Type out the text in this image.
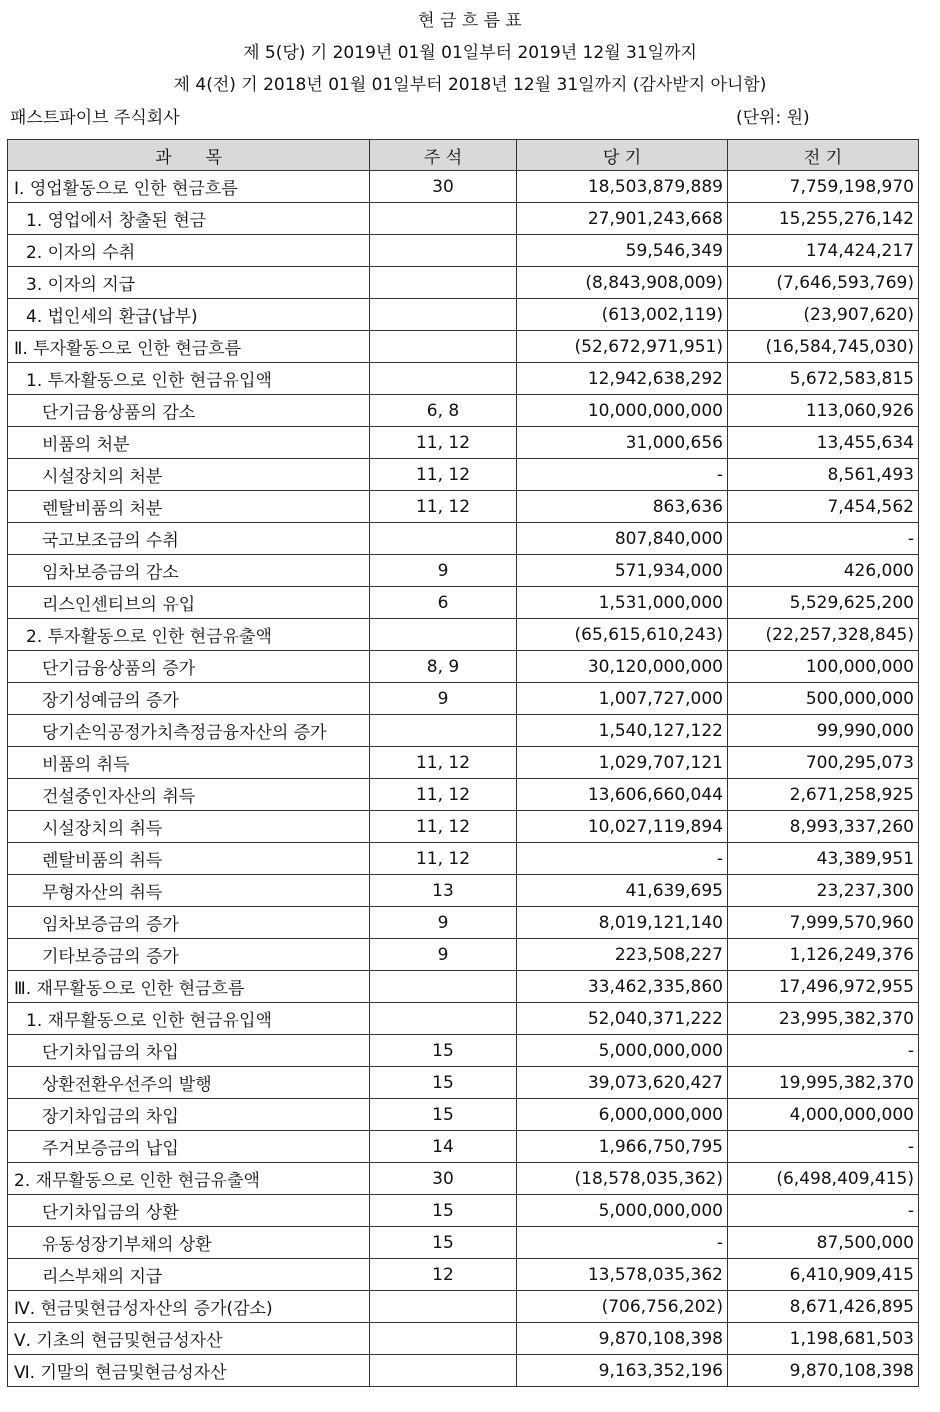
현 금 흐 름 표
제 5(당) 기 2019년 01월 01일부터 2019년 12월 31일까지
제 4(전) 기 2018년 01월 01일부터 2018년 12월 31일까지 (감사받지 아니함)
패스트파이브 주식회사	(단위: 원)
과　　목	주 석	당 기	전 기
Ⅰ. 영업활동으로 인한 현금흐름	30	18,503,879,889	7,759,198,970
1. 영업에서 창출된 현금		27,901,243,668	15,255,276,142
2. 이자의 수취		59,546,349	174,424,217
3. 이자의 지급		(8,843,908,009)	(7,646,593,769)
4. 법인세의 환급(납부)		(613,002,119)	(23,907,620)
Ⅱ. 투자활동으로 인한 현금흐름		(52,672,971,951)	(16,584,745,030)
1. 투자활동으로 인한 현금유입액		12,942,638,292	5,672,583,815
단기금융상품의 감소	6, 8	10,000,000,000	113,060,926
비품의 처분	11, 12	31,000,656	13,455,634
시설장치의 처분	11, 12	-	8,561,493
렌탈비품의 처분	11, 12	863,636	7,454,562
국고보조금의 수취		807,840,000	-
임차보증금의 감소	9	571,934,000	426,000
리스인센티브의 유입	6	1,531,000,000	5,529,625,200
2. 투자활동으로 인한 현금유출액		(65,615,610,243)	(22,257,328,845)
단기금융상품의 증가	8, 9	30,120,000,000	100,000,000
장기성예금의 증가	9	1,007,727,000	500,000,000
당기손익공정가치측정금융자산의 증가		1,540,127,122	99,990,000
비품의 취득	11, 12	1,029,707,121	700,295,073
건설중인자산의 취득	11, 12	13,606,660,044	2,671,258,925
시설장치의 취득	11, 12	10,027,119,894	8,993,337,260
렌탈비품의 취득	11, 12	-	43,389,951
무형자산의 취득	13	41,639,695	23,237,300
임차보증금의 증가	9	8,019,121,140	7,999,570,960
기타보증금의 증가	9	223,508,227	1,126,249,376
Ⅲ. 재무활동으로 인한 현금흐름		33,462,335,860	17,496,972,955
1. 재무활동으로 인한 현금유입액		52,040,371,222	23,995,382,370
단기차입금의 차입	15	5,000,000,000	-
상환전환우선주의 발행	15	39,073,620,427	19,995,382,370
장기차입금의 차입	15	6,000,000,000	4,000,000,000
주거보증금의 납입	14	1,966,750,795	-
2. 재무활동으로 인한 현금유출액	30	(18,578,035,362)	(6,498,409,415)
단기차입금의 상환	15	5,000,000,000	-
유동성장기부채의 상환	15	-	87,500,000
리스부채의 지급	12	13,578,035,362	6,410,909,415
Ⅳ. 현금및현금성자산의 증가(감소)		(706,756,202)	8,671,426,895
Ⅴ. 기초의 현금및현금성자산		9,870,108,398	1,198,681,503
Ⅵ. 기말의 현금및현금성자산		9,163,352,196	9,870,108,398
